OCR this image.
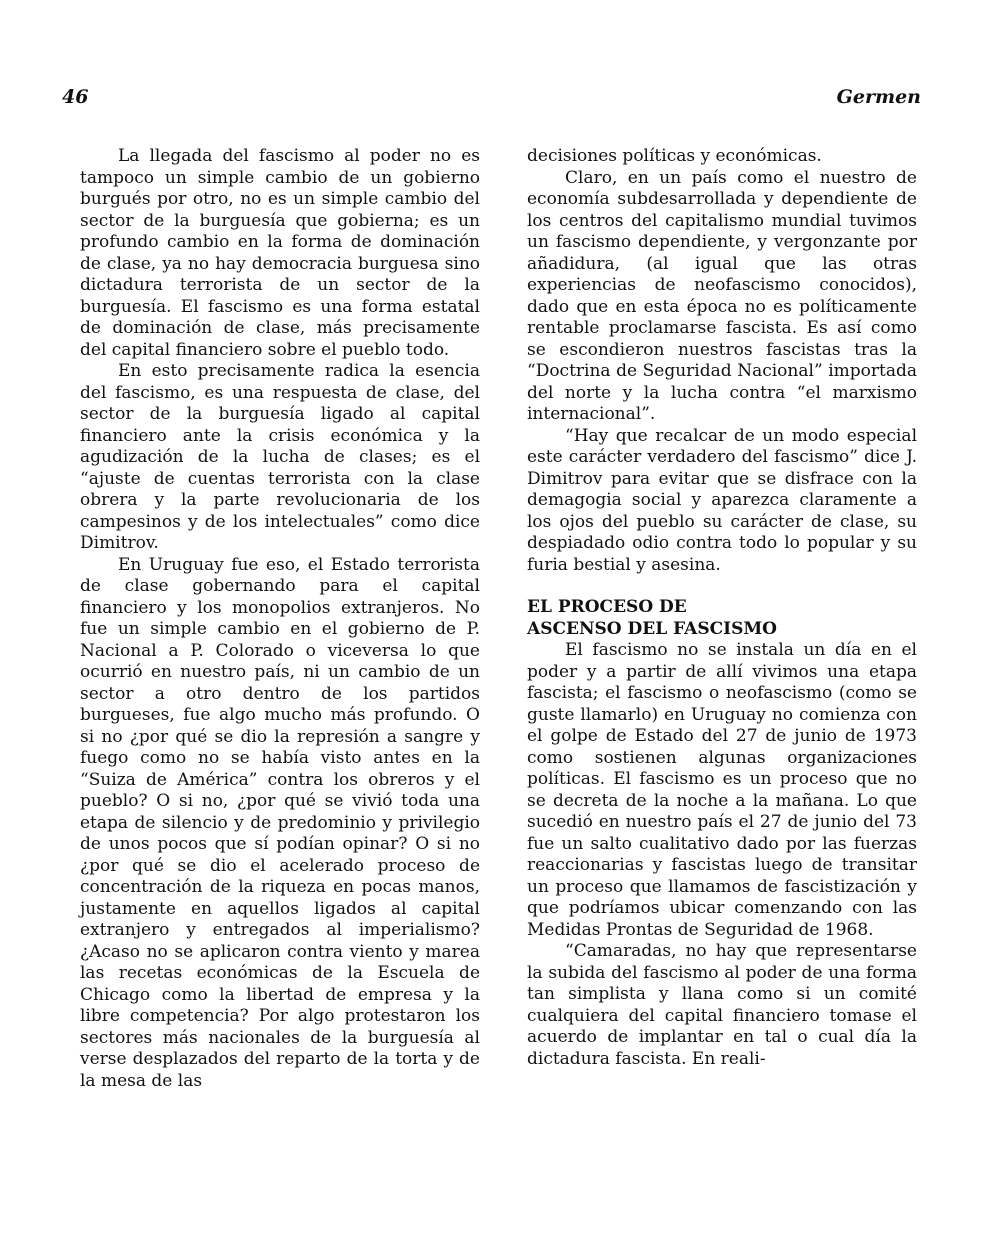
46	Germen

La llegada del fascismo al poder no es tampoco un simple cambio de un gobierno burgués por otro, no es un simple cambio del sector de la burguesía que gobierna; es un profundo cambio en la forma de dominación de clase, ya no hay democracia burguesa sino dictadura terrorista de un sector de la burguesía. El fascismo es una forma estatal de dominación de clase, más precisamente del capital financiero sobre el pueblo todo.

En esto precisamente radica la esencia del fascismo, es una respuesta de clase, del sector de la burguesía ligado al capital financiero ante la crisis económica y la agudización de la lucha de clases; es el “ajuste de cuentas terrorista con la clase obrera y la parte revolucionaria de los campesinos y de los intelectuales” como dice Dimitrov.

En Uruguay fue eso, el Estado terrorista de clase gobernando para el capital financiero y los monopolios extranjeros. No fue un simple cambio en el gobierno de P. Nacional a P. Colorado o viceversa lo que ocurrió en nuestro país, ni un cambio de un sector a otro dentro de los partidos burgueses, fue algo mucho más profundo. O si no ¿por qué se dio la represión a sangre y fuego como no se había visto antes en la “Suiza de América” contra los obreros y el pueblo? O si no, ¿por qué se vivió toda una etapa de silencio y de predominio y privilegio de unos pocos que sí podían opinar? O si no ¿por qué se dio el acelerado proceso de concentración de la riqueza en pocas manos, justamente en aquellos ligados al capital extranjero y entregados al imperialismo? ¿Acaso no se aplicaron contra viento y marea las recetas económicas de la Escuela de Chicago como la libertad de empresa y la libre competencia? Por algo protestaron los sectores más nacionales de la burguesía al verse desplazados del reparto de la torta y de la mesa de las

decisiones políticas y económicas.

Claro, en un país como el nuestro de economía subdesarrollada y dependiente de los centros del capitalismo mundial tuvimos un fascismo dependiente, y vergonzante por añadidura, (al igual que las otras experiencias de neofascismo conocidos), dado que en esta época no es políticamente rentable proclamarse fascista. Es así como se escondieron nuestros fascistas tras la “Doctrina de Seguridad Nacional” importada del norte y la lucha contra “el marxismo internacional”.

“Hay que recalcar de un modo especial este carácter verdadero del fascismo” dice J. Dimitrov para evitar que se disfrace con la demagogia social y aparezca claramente a los ojos del pueblo su carácter de clase, su despiadado odio contra todo lo popular y su furia bestial y asesina.

EL PROCESO DE
ASCENSO DEL FASCISMO

El fascismo no se instala un día en el poder y a partir de allí vivimos una etapa fascista; el fascismo o neofascismo (como se guste llamarlo) en Uruguay no comienza con el golpe de Estado del 27 de junio de 1973 como sostienen algunas organizaciones políticas. El fascismo es un proceso que no se decreta de la noche a la mañana. Lo que sucedió en nuestro país el 27 de junio del 73 fue un salto cualitativo dado por las fuerzas reaccionarias y fascistas luego de transitar un proceso que llamamos de fascistización y que podríamos ubicar comenzando con las Medidas Prontas de Seguridad de 1968.

“Camaradas, no hay que representarse la subida del fascismo al poder de una forma tan simplista y llana como si un comité cualquiera del capital financiero tomase el acuerdo de implantar en tal o cual día la dictadura fascista. En reali-
